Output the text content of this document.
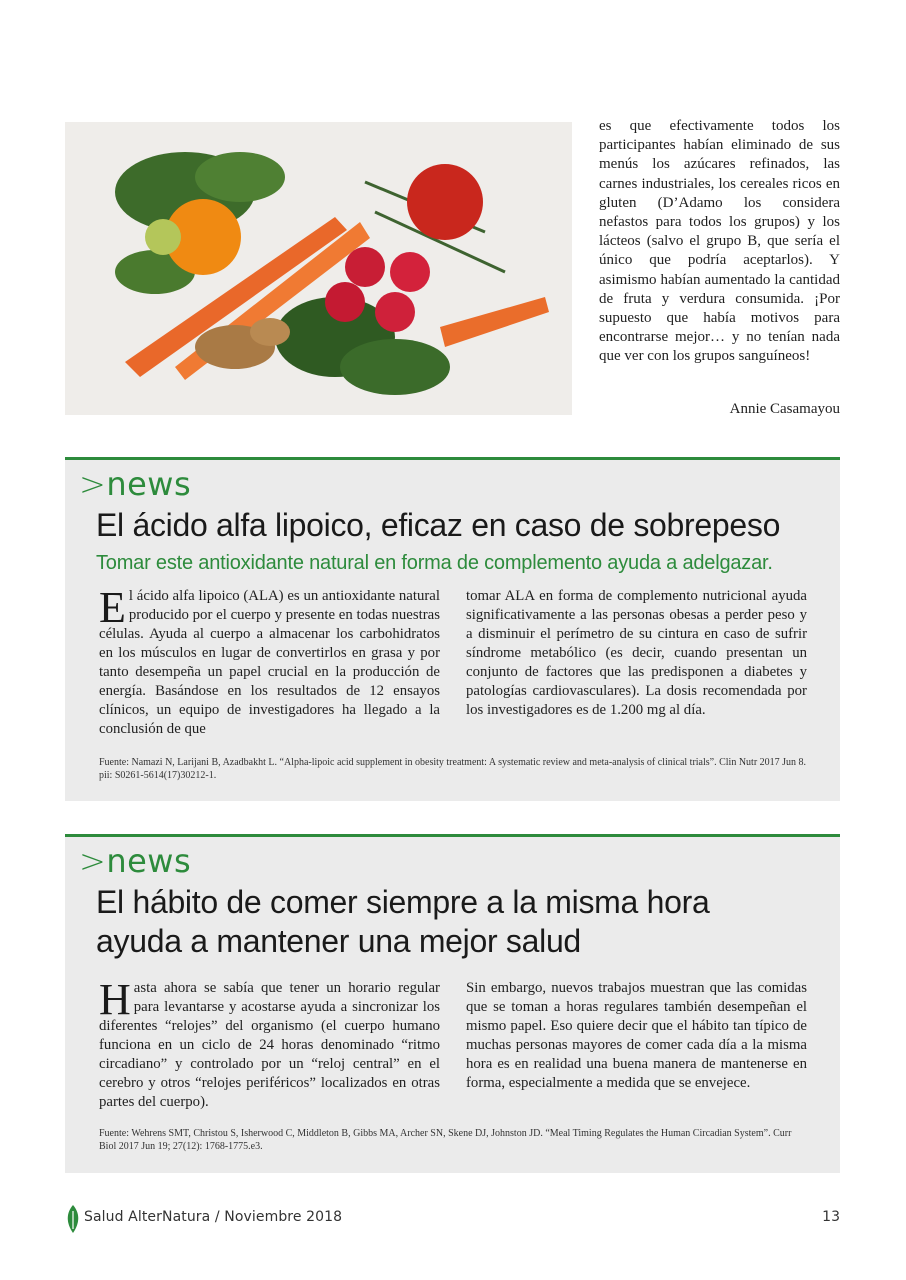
es que efectivamente todos los participantes habían eliminado de sus menús los azúcares refinados, las carnes industriales, los cereales ricos en gluten (D’Adamo los considera nefastos para todos los grupos) y los lácteos (salvo el grupo B, que sería el único que podría aceptarlos). Y asimismo habían aumentado la cantidad de fruta y verdura consumida. ¡Por supuesto que había motivos para encontrarse mejor… y no tenían nada que ver con los grupos sanguíneos!

Annie Casamayou

>news
El ácido alfa lipoico, eficaz en caso de sobrepeso

Tomar este antioxidante natural en forma de complemento ayuda a adelgazar.

El ácido alfa lipoico (ALA) es un antioxidante natural producido por el cuerpo y presente en todas nuestras células. Ayuda al cuerpo a almacenar los carbohidratos en los músculos en lugar de convertirlos en grasa y por tanto desempeña un papel crucial en la producción de energía. Basándose en los resultados de 12 ensayos clínicos, un equipo de investigadores ha llegado a la conclusión de que

tomar ALA en forma de complemento nutricional ayuda significativamente a las personas obesas a perder peso y a disminuir el perímetro de su cintura en caso de sufrir síndrome metabólico (es decir, cuando presentan un conjunto de factores que las predisponen a diabetes y patologías cardiovasculares). La dosis recomendada por los investigadores es de 1.200 mg al día.

Fuente: Namazi N, Larijani B, Azadbakht L. “Alpha-lipoic acid supplement in obesity treatment: A systematic review and meta-analysis of clinical trials”. Clin Nutr 2017 Jun 8. pii: S0261-5614(17)30212-1.

>news
El hábito de comer siempre a la misma hora
ayuda a mantener una mejor salud

Hasta ahora se sabía que tener un horario regular para levantarse y acostarse ayuda a sincronizar los diferentes “relojes” del organismo (el cuerpo humano funciona en un ciclo de 24 horas denominado “ritmo circadiano” y controlado por un “reloj central” en el cerebro y otros “relojes periféricos” localizados en otras partes del cuerpo).

Sin embargo, nuevos trabajos muestran que las comidas que se toman a horas regulares también desempeñan el mismo papel. Eso quiere decir que el hábito tan típico de muchas personas mayores de comer cada día a la misma hora es en realidad una buena manera de mantenerse en forma, especialmente a medida que se envejece.

Fuente: Wehrens SMT, Christou S, Isherwood C, Middleton B, Gibbs MA, Archer SN, Skene DJ, Johnston JD. “Meal Timing Regulates the Human Circadian System”. Curr Biol 2017 Jun 19; 27(12): 1768-1775.e3.

Salud AlterNatura / Noviembre 2018	13
